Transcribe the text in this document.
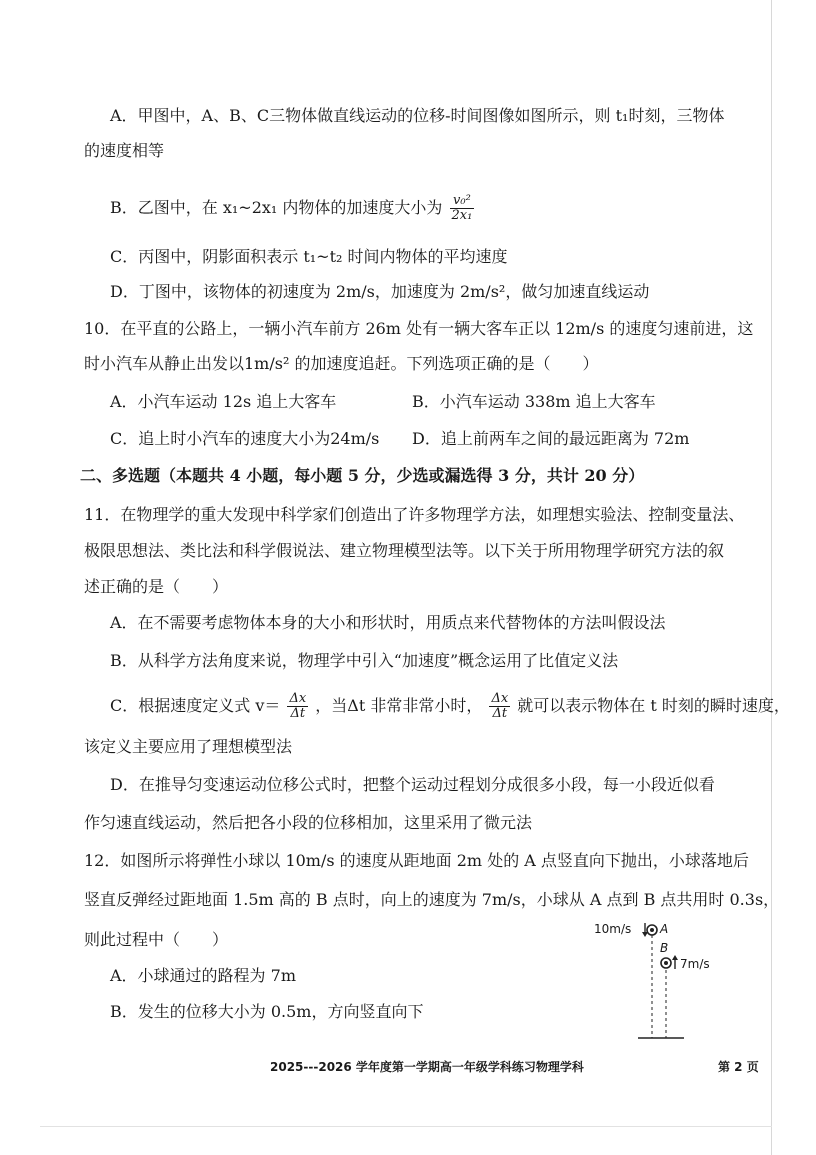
A．甲图中，A、B、C三物体做直线运动的位移-时间图像如图所示，则 t₁时刻，三物体
的速度相等
B．乙图中，在 x₁~2x₁ 内物体的加速度大小为 $\frac{\text{v₀²}}{\text{2x₁}}$
C．丙图中，阴影面积表示 t₁~t₂ 时间内物体的平均速度
D．丁图中，该物体的初速度为 2m/s，加速度为 2m/s²，做匀加速直线运动
10．在平直的公路上，一辆小汽车前方 26m 处有一辆大客车正以 12m/s 的速度匀速前进，这
时小汽车从静止出发以1m/s² 的加速度追赶。下列选项正确的是（　　）
A．小汽车运动 12s 追上大客车	B．小汽车运动 338m 追上大客车
C．追上时小汽车的速度大小为24m/s D．追上前两车之间的最远距离为 72m
二、多选题（本题共 4 小题，每小题 5 分，少选或漏选得 3 分，共计 20 分）
11．在物理学的重大发现中科学家们创造出了许多物理学方法，如理想实验法、控制变量法、
极限思想法、类比法和科学假说法、建立物理模型法等。以下关于所用物理学研究方法的叙
述正确的是（　　）
A．在不需要考虑物体本身的大小和形状时，用质点来代替物体的方法叫假设法
B．从科学方法角度来说，物理学中引入“加速度”概念运用了比值定义法
C．根据速度定义式 $v= \frac{\Delta x}{\Delta t}$ ，当Δt 非常非常小时， $\frac{\Delta x}{\Delta t}$ 就可以表示物体在 t 时刻的瞬时速度，
该定义主要应用了理想模型法
D．在推导匀变速运动位移公式时，把整个运动过程划分成很多小段，每一小段近似看
作匀速直线运动，然后把各小段的位移相加，这里采用了微元法
12．如图所示将弹性小球以 10m/s 的速度从距地面 2m 处的 A 点竖直向下抛出，小球落地后
竖直反弹经过距地面 1.5m 高的 B 点时，向上的速度为 7m/s，小球从 A 点到 B 点共用时 0.3s，
则此过程中（　　）
A．小球通过的路程为 7m
B．发生的位移大小为 0.5m，方向竖直向下
10m/s A
B
7m/s
2025---2026 学年度第一学期高一年级学科练习物理学科	第 2 页
